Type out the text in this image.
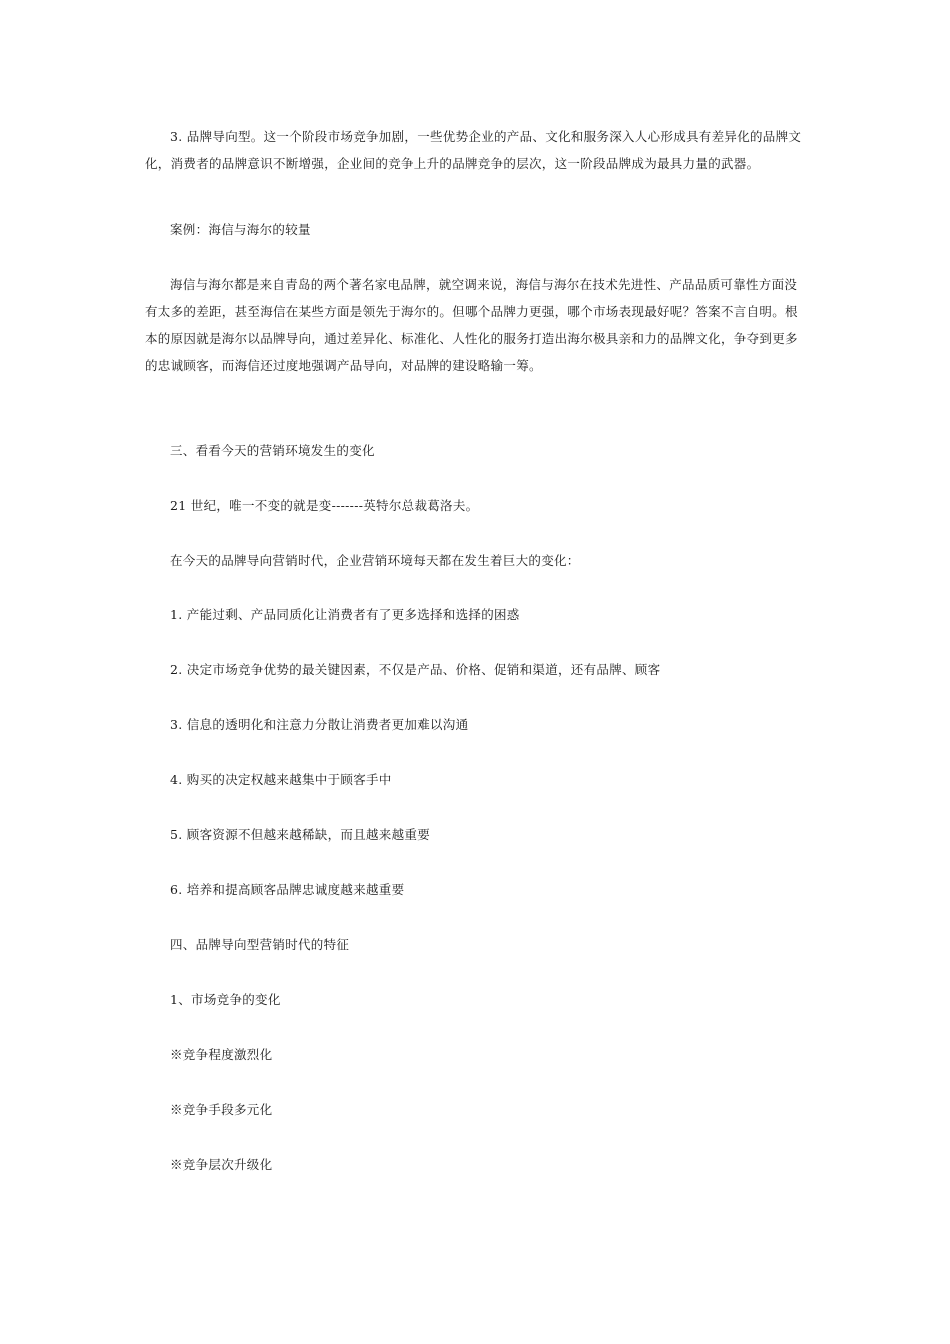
3. 品牌导向型。这一个阶段市场竞争加剧，一些优势企业的产品、文化和服务深入人心形成具有差异化的品牌文化，消费者的品牌意识不断增强，企业间的竞争上升的品牌竞争的层次，这一阶段品牌成为最具力量的武器。

案例：海信与海尔的较量

海信与海尔都是来自青岛的两个著名家电品牌，就空调来说，海信与海尔在技术先进性、产品品质可靠性方面没有太多的差距，甚至海信在某些方面是领先于海尔的。但哪个品牌力更强，哪个市场表现最好呢？答案不言自明。根本的原因就是海尔以品牌导向，通过差异化、标准化、人性化的服务打造出海尔极具亲和力的品牌文化，争夺到更多的忠诚顾客，而海信还过度地强调产品导向，对品牌的建设略输一筹。

三、看看今天的营销环境发生的变化

21 世纪，唯一不变的就是变-------英特尔总裁葛洛夫。

在今天的品牌导向营销时代，企业营销环境每天都在发生着巨大的变化：

1. 产能过剩、产品同质化让消费者有了更多选择和选择的困惑

2. 决定市场竞争优势的最关键因素，不仅是产品、价格、促销和渠道，还有品牌、顾客

3. 信息的透明化和注意力分散让消费者更加难以沟通

4. 购买的决定权越来越集中于顾客手中

5. 顾客资源不但越来越稀缺，而且越来越重要

6. 培养和提高顾客品牌忠诚度越来越重要

四、品牌导向型营销时代的特征

1、市场竞争的变化

※竞争程度激烈化

※竞争手段多元化

※竞争层次升级化
